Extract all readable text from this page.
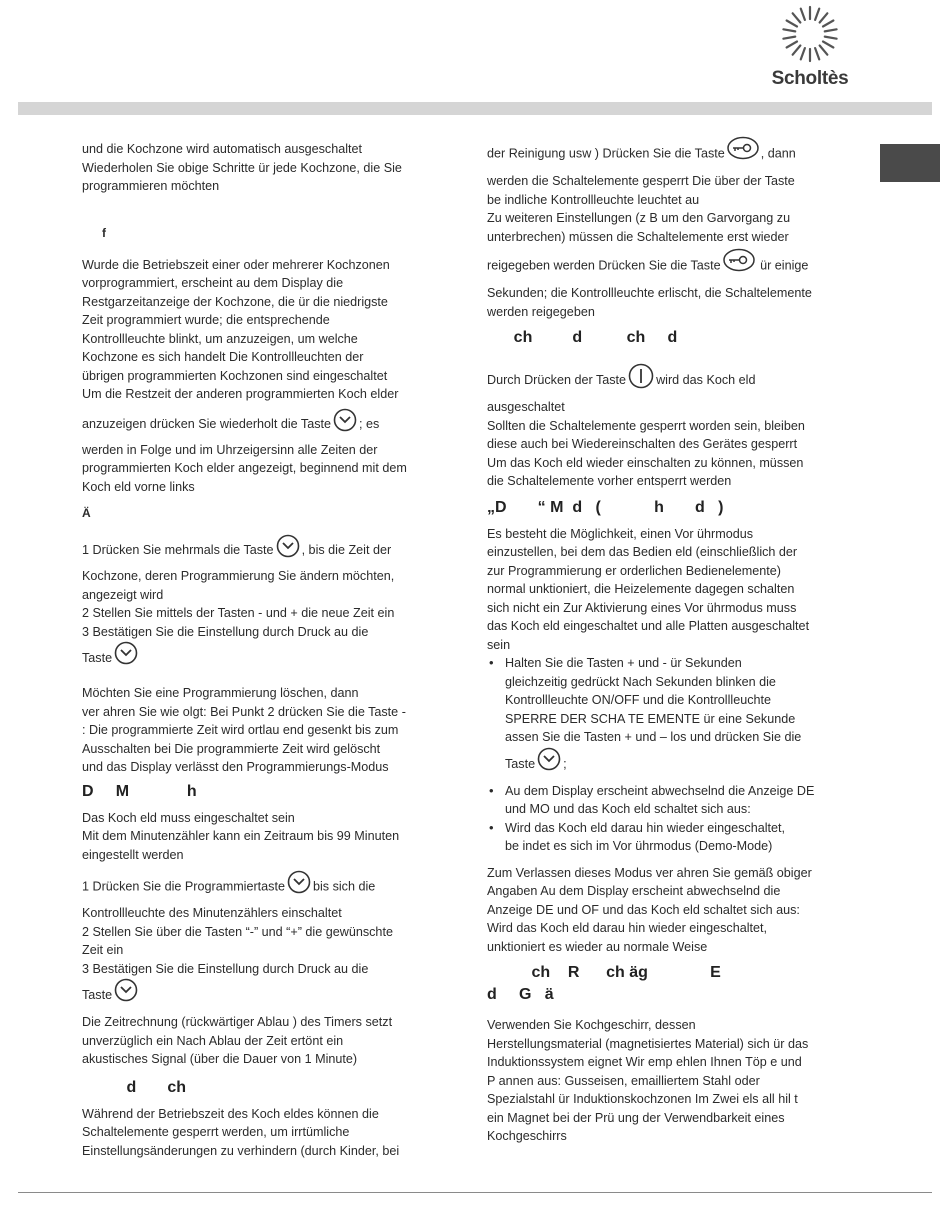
Scholtès

und die Kochzone wird automatisch ausgeschaltet

Wiederholen Sie obige Schritte ür jede Kochzone, die Sie

programmieren möchten

f

Wurde die Betriebszeit einer oder mehrerer Kochzonen

vorprogrammiert, erscheint au dem Display die

Restgarzeitanzeige der Kochzone, die ür die niedrigste

Zeit programmiert wurde; die entsprechende

Kontrollleuchte blinkt, um anzuzeigen, um welche

Kochzone es sich handelt Die Kontrollleuchten der

übrigen programmierten Kochzonen sind eingeschaltet

Um die Restzeit der anderen programmierten Koch elder

anzuzeigen drücken Sie wiederholt die Taste ; es

werden in Folge und im Uhrzeigersinn alle Zeiten der

programmierten Koch elder angezeigt, beginnend mit dem

Koch eld vorne links

Ä

1 Drücken Sie mehrmals die Taste , bis die Zeit der

Kochzone, deren Programmierung Sie ändern möchten,

angezeigt wird

2 Stellen Sie mittels der Tasten - und + die neue Zeit ein

3 Bestätigen Sie die Einstellung durch Druck au die

Taste

Möchten Sie eine Programmierung löschen, dann

ver ahren Sie wie olgt: Bei Punkt 2 drücken Sie die Taste -

: Die programmierte Zeit wird ortlau end gesenkt bis zum

Ausschalten bei Die programmierte Zeit wird gelöscht

und das Display verlässt den Programmierungs-Modus

D     M             h

Das Koch eld muss eingeschaltet sein

Mit dem Minutenzähler kann ein Zeitraum bis 99 Minuten

eingestellt werden

1 Drücken Sie die Programmiertaste bis sich die

Kontrollleuchte des Minutenzählers einschaltet

2 Stellen Sie über die Tasten “-” und “+” die gewünschte

Zeit ein

3 Bestätigen Sie die Einstellung durch Druck au die

Taste

Die Zeitrechnung (rückwärtiger Ablau ) des Timers setzt

unverzüglich ein Nach Ablau der Zeit ertönt ein

akustisches Signal (über die Dauer von 1 Minute)

d       ch

Während der Betriebszeit des Koch eldes können die

Schaltelemente gesperrt werden, um irrtümliche

Einstellungsänderungen zu verhindern (durch Kinder, bei

der Reinigung usw ) Drücken Sie die Taste	, dann

werden die Schaltelemente gesperrt Die über der Taste

be indliche Kontrollleuchte leuchtet au

Zu weiteren Einstellungen (z B um den Garvorgang zu

unterbrechen) müssen die Schaltelemente erst wieder

reigegeben werden Drücken Sie die Taste	ür einige

Sekunden; die Kontrollleuchte erlischt, die Schaltelemente

werden reigegeben

ch         d          ch     d

Durch Drücken der Taste wird das Koch eld

ausgeschaltet

Sollten die Schaltelemente gesperrt worden sein, bleiben

diese auch bei Wiedereinschalten des Gerätes gesperrt

Um das Koch eld wieder einschalten zu können, müssen

die Schaltelemente vorher entsperrt werden

„D       “ M  d   (            h       d   )

Es besteht die Möglichkeit, einen Vor ührmodus

einzustellen, bei dem das Bedien eld (einschließlich der

zur Programmierung er orderlichen Bedienelemente)

normal unktioniert, die Heizelemente dagegen schalten

sich nicht ein Zur Aktivierung eines Vor ührmodus muss

das Koch eld eingeschaltet und alle Platten ausgeschaltet

sein

• Halten Sie die Tasten + und - ür Sekunden

gleichzeitig gedrückt Nach Sekunden blinken die

Kontrollleuchte ON/OFF und die Kontrollleuchte

SPERRE DER SCHA TE EMENTE ür eine Sekunde

assen Sie die Tasten + und – los und drücken Sie die

Taste ;

• Au dem Display erscheint abwechselnd die Anzeige DE

und MO und das Koch eld schaltet sich aus:

• Wird das Koch eld darau hin wieder eingeschaltet,

be indet es sich im Vor ührmodus (Demo-Mode)

Zum Verlassen dieses Modus ver ahren Sie gemäß obiger

Angaben Au dem Display erscheint abwechselnd die

Anzeige DE und OF und das Koch eld schaltet sich aus:

Wird das Koch eld darau hin wieder eingeschaltet,

unktioniert es wieder au normale Weise

ch    R      ch äg              E
d     G   ä

Verwenden Sie Kochgeschirr, dessen

Herstellungsmaterial (magnetisiertes Material) sich ür das

Induktionssystem eignet Wir emp ehlen Ihnen Töp e und

P annen aus: Gusseisen, emailliertem Stahl oder

Spezialstahl ür Induktionskochzonen Im Zwei els all hil t

ein Magnet bei der Prü ung der Verwendbarkeit eines

Kochgeschirrs
